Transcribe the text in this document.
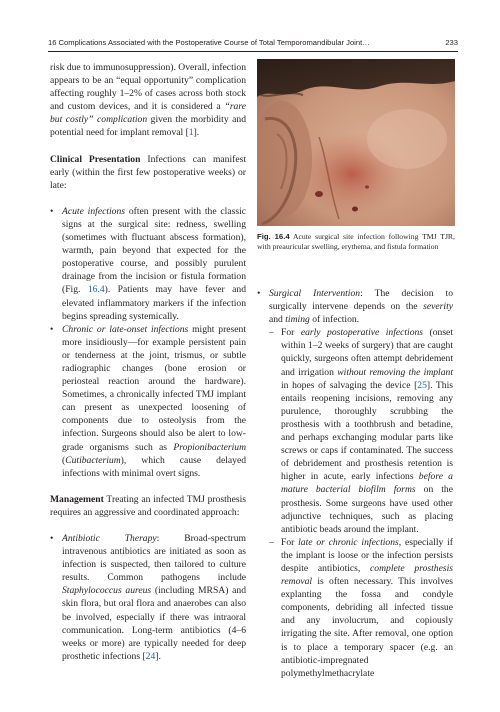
16 Complications Associated with the Postoperative Course of Total Temporomandibular Joint…	233

risk due to immunosuppression). Overall, infection appears to be an “equal opportunity” complication affecting roughly 1–2% of cases across both stock and custom devices, and it is considered a “rare but costly” complication given the morbidity and potential need for implant removal [1].

Clinical Presentation Infections can manifest early (within the first few postoperative weeks) or late:

• Acute infections often present with the classic signs at the surgical site: redness, swelling (sometimes with fluctuant abscess formation), warmth, pain beyond that expected for the postoperative course, and possibly purulent drainage from the incision or fistula formation (Fig. 16.4). Patients may have fever and elevated inflammatory markers if the infection begins spreading systemically.
• Chronic or late-onset infections might present more insidiously—for example persistent pain or tenderness at the joint, trismus, or subtle radiographic changes (bone erosion or periosteal reaction around the hardware). Sometimes, a chronically infected TMJ implant can present as unexpected loosening of components due to osteolysis from the infection. Surgeons should also be alert to low-grade organisms such as Propionibacterium (Cutibacterium), which cause delayed infections with minimal overt signs.

Management Treating an infected TMJ prosthesis requires an aggressive and coordinated approach:

• Antibiotic Therapy: Broad-spectrum intravenous antibiotics are initiated as soon as infection is suspected, then tailored to culture results. Common pathogens include Staphylococcus aureus (including MRSA) and skin flora, but oral flora and anaerobes can also be involved, especially if there was intraoral communication. Long-term antibiotics (4–6 weeks or more) are typically needed for deep prosthetic infections [24].
Fig. 16.4 Acute surgical site infection following TMJ TJR, with preauricular swelling, erythema, and fistula formation
• Surgical Intervention: The decision to surgically intervene depends on the severity and timing of infection.
– For early postoperative infections (onset within 1–2 weeks of surgery) that are caught quickly, surgeons often attempt debridement and irrigation without removing the implant in hopes of salvaging the device [25]. This entails reopening incisions, removing any purulence, thoroughly scrubbing the prosthesis with a toothbrush and betadine, and perhaps exchanging modular parts like screws or caps if contaminated. The success of debridement and prosthesis retention is higher in acute, early infections before a mature bacterial biofilm forms on the prosthesis. Some surgeons have used other adjunctive techniques, such as placing antibiotic beads around the implant.
– For late or chronic infections, especially if the implant is loose or the infection persists despite antibiotics, complete prosthesis removal is often necessary. This involves explanting the fossa and condyle components, debriding all infected tissue and any involucrum, and copiously irrigating the site. After removal, one option is to place a temporary spacer (e.g. an antibiotic-impregnated polymethylmethacrylate
